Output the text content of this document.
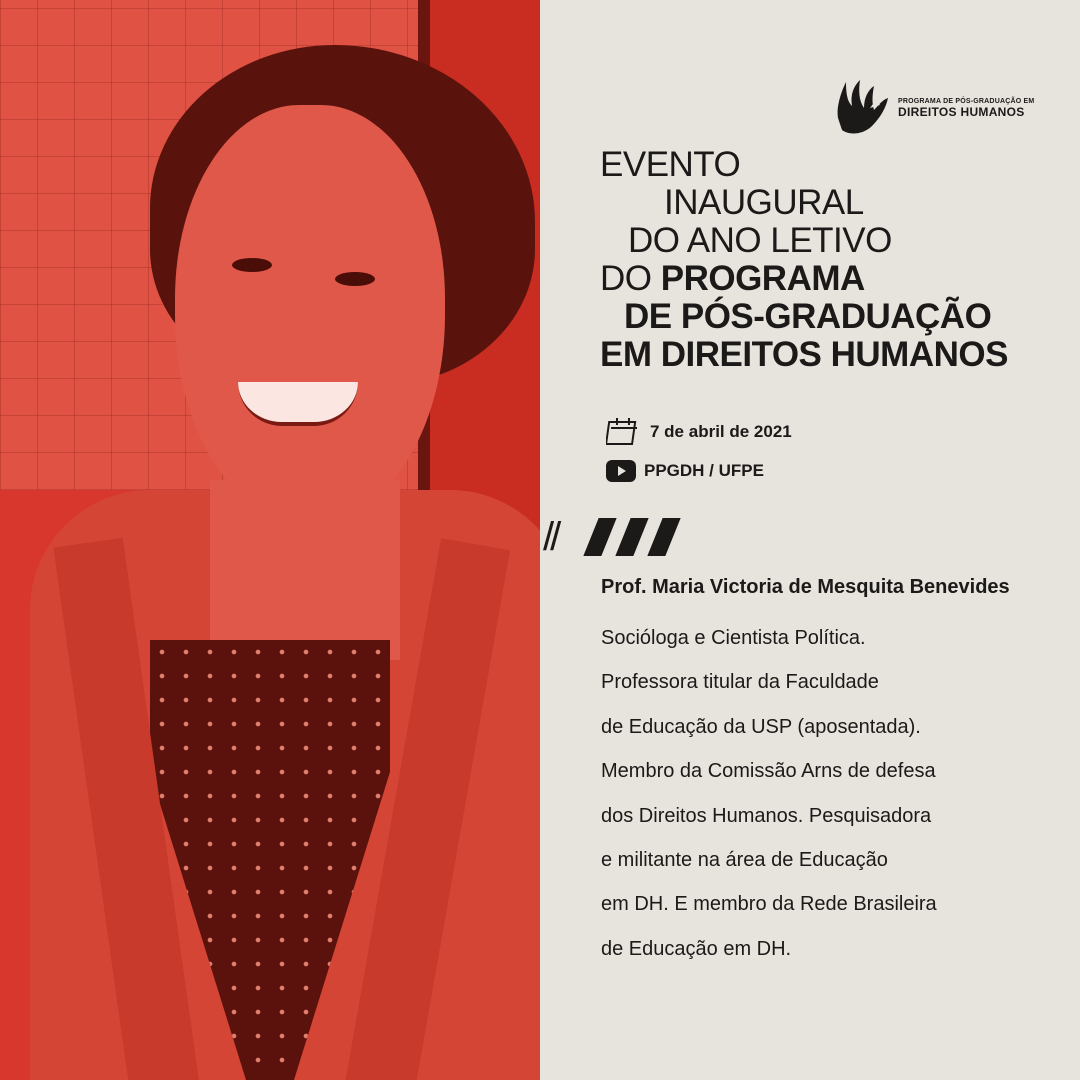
PROGRAMA DE PÓS-GRADUAÇÃO EM
DIREITOS HUMANOS
EVENTO
INAUGURAL
DO ANO LETIVO
DO PROGRAMA
DE PÓS-GRADUAÇÃO
EM DIREITOS HUMANOS
7 de abril de 2021
PPGDH / UFPE
//
Prof. Maria Victoria de Mesquita Benevides
Socióloga e Cientista Política.
Professora titular da Faculdade
de Educação da USP (aposentada).
Membro da Comissão Arns de defesa
dos Direitos Humanos. Pesquisadora
e militante na área de Educação
em DH. E membro da Rede Brasileira
de Educação em DH.
